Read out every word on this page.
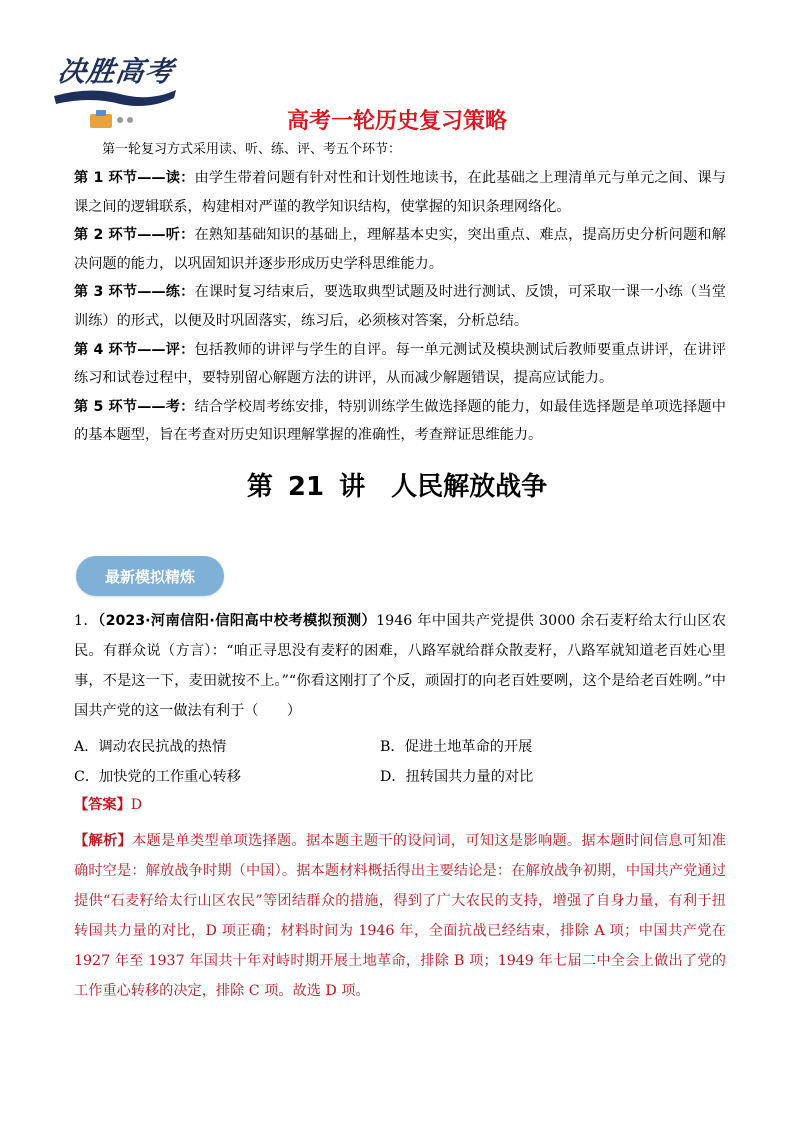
决胜高考
高考一轮历史复习策略
第一轮复习方式采用读、听、练、评、考五个环节：

第 1 环节——读：由学生带着问题有针对性和计划性地读书，在此基础之上理清单元与单元之间、课与课之间的逻辑联系，构建相对严谨的教学知识结构，使掌握的知识条理网络化。

第 2 环节——听：在熟知基础知识的基础上，理解基本史实，突出重点、难点，提高历史分析问题和解决问题的能力，以巩固知识并逐步形成历史学科思维能力。

第 3 环节——练：在课时复习结束后，要选取典型试题及时进行测试、反馈，可采取一课一小练（当堂训练）的形式，以便及时巩固落实，练习后，必须核对答案，分析总结。

第 4 环节——评：包括教师的讲评与学生的自评。每一单元测试及模块测试后教师要重点讲评，在讲评练习和试卷过程中，要特别留心解题方法的讲评，从而减少解题错误，提高应试能力。

第 5 环节——考：结合学校周考练安排，特别训练学生做选择题的能力，如最佳选择题是单项选择题中的基本题型，旨在考查对历史知识理解掌握的准确性，考查辩证思维能力。

第 21 讲　人民解放战争
最新模拟精炼

1．（2023·河南信阳·信阳高中校考模拟预测）1946 年中国共产党提供 3000 余石麦籽给太行山区农民。有群众说（方言）：“咱正寻思没有麦籽的困难，八路军就给群众散麦籽，八路军就知道老百姓心里事，不是这一下，麦田就按不上。”“你看这刚打了个反，顽固打的向老百姓要咧，这个是给老百姓咧。”中国共产党的这一做法有利于（　　）

A．调动农民抗战的热情	B．促进土地革命的开展
C．加快党的工作重心转移	D．扭转国共力量的对比
【答案】D

【解析】本题是单类型单项选择题。据本题主题干的设问词，可知这是影响题。据本题时间信息可知准确时空是：解放战争时期（中国）。据本题材料概括得出主要结论是：在解放战争初期，中国共产党通过提供“石麦籽给太行山区农民”等团结群众的措施，得到了广大农民的支持，增强了自身力量，有利于扭转国共力量的对比，D 项正确；材料时间为 1946 年，全面抗战已经结束，排除 A 项；中国共产党在 1927 年至 1937 年国共十年对峙时期开展土地革命，排除 B 项；1949 年七届二中全会上做出了党的工作重心转移的决定，排除 C 项。故选 D 项。
